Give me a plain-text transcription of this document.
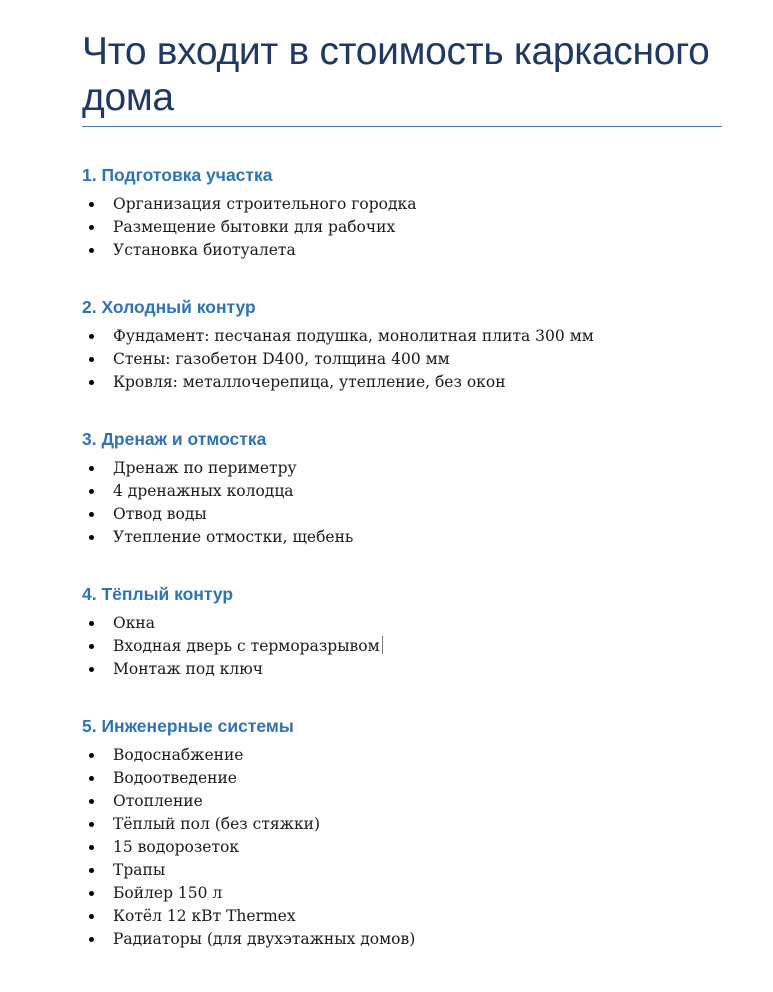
Что входит в стоимость каркасного
дома
1. Подготовка участка
Организация строительного городка
Размещение бытовки для рабочих
Установка биотуалета
2. Холодный контур
Фундамент: песчаная подушка, монолитная плита 300 мм
Стены: газобетон D400, толщина 400 мм
Кровля: металлочерепица, утепление, без окон
3. Дренаж и отмостка
Дренаж по периметру
4 дренажных колодца
Отвод воды
Утепление отмостки, щебень
4. Тёплый контур
Окна
Входная дверь с терморазрывом
Монтаж под ключ
5. Инженерные системы
Водоснабжение
Водоотведение
Отопление
Тёплый пол (без стяжки)
15 водорозеток
Трапы
Бойлер 150 л
Котёл 12 кВт Thermex
Радиаторы (для двухэтажных домов)
